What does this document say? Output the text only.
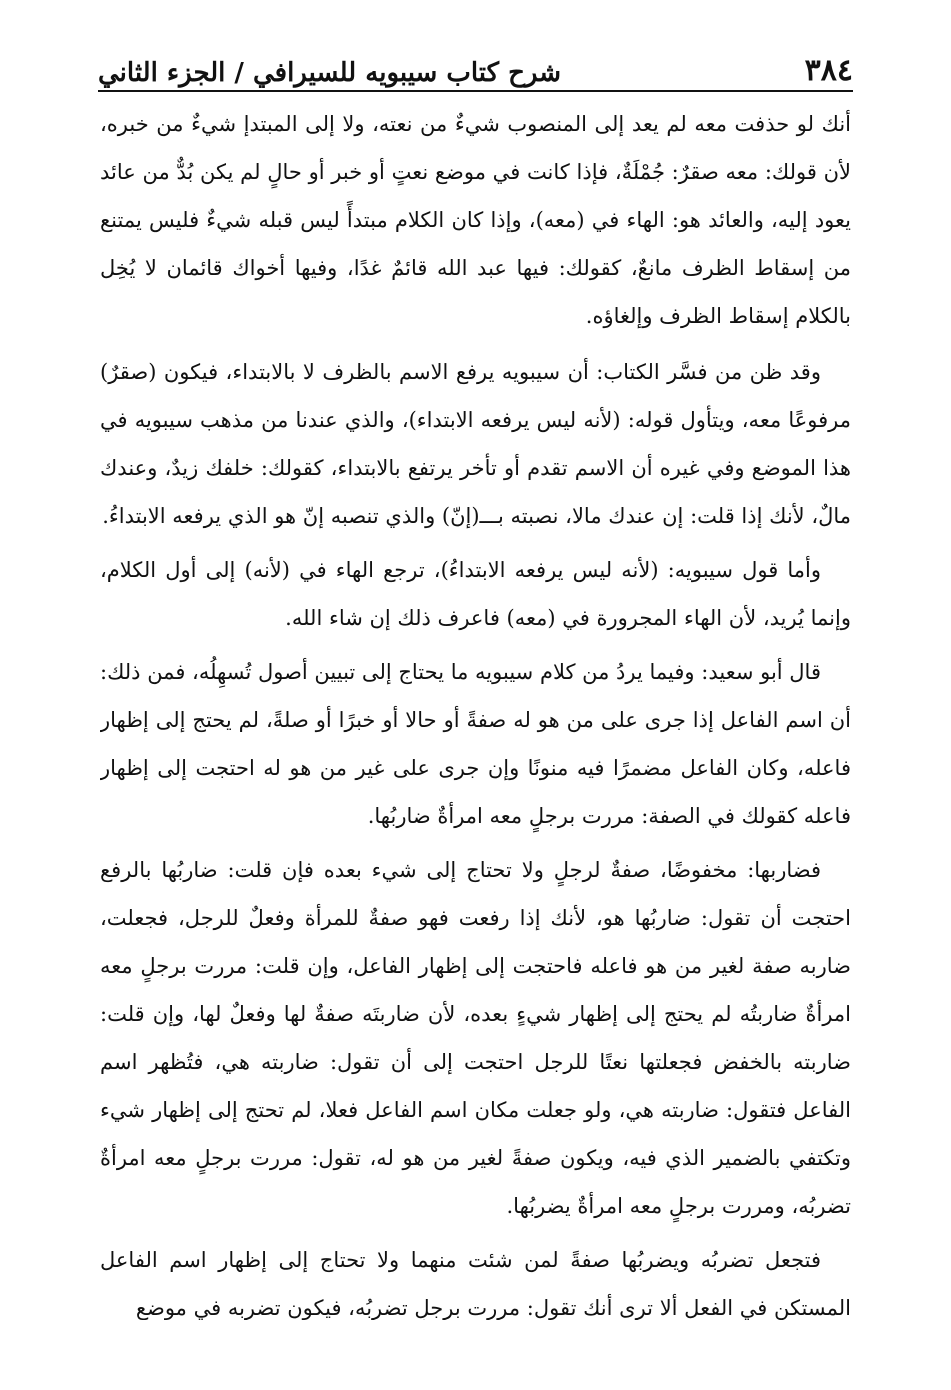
٣٨٤
شرح كتاب سيبويه للسيرافي / الجزء الثاني

أنك لو حذفت معه لم يعد إلى المنصوب شيءٌ من نعته، ولا إلى المبتدإ شيءٌ من خبره، لأن قولك: معه صقرٌ: جُمْلَةٌ، فإذا كانت في موضع نعتٍ أو خبر أو حالٍ لم يكن بُدٌّ من عائد يعود إليه، والعائد هو: الهاء في (معه)، وإذا كان الكلام مبتدأً ليس قبله شيءٌ فليس يمتنع من إسقاط الظرف مانعٌ، كقولك: فيها عبد الله قائمٌ غدًا، وفيها أخواك قائمان لا يُخِل بالكلام إسقاط الظرف وإلغاؤه.

وقد ظن من فسَّر الكتاب: أن سيبويه يرفع الاسم بالظرف لا بالابتداء، فيكون (صقرٌ) مرفوعًا معه، ويتأول قوله: (لأنه ليس يرفعه الابتداء)، والذي عندنا من مذهب سيبويه في هذا الموضع وفي غيره أن الاسم تقدم أو تأخر يرتفع بالابتداء، كقولك: خلفك زيدٌ، وعندك مالٌ، لأنك إذا قلت: إن عندك مالا، نصبته بـــ(إنّ) والذي تنصبه إنّ هو الذي يرفعه الابتداءُ.

وأما قول سيبويه: (لأنه ليس يرفعه الابتداءُ)، ترجع الهاء في (لأنه) إلى أول الكلام، وإنما يُريد، لأن الهاء المجرورة في (معه) فاعرف ذلك إن شاء الله.

قال أبو سعيد: وفيما يردُ من كلام سيبويه ما يحتاج إلى تبيين أصول تُسهِلُه، فمن ذلك: أن اسم الفاعل إذا جرى على من هو له صفةً أو حالا أو خبرًا أو صلةً، لم يحتج إلى إظهار فاعله، وكان الفاعل مضمرًا فيه منونًا وإن جرى على غير من هو له احتجت إلى إظهار فاعله كقولك في الصفة: مررت برجلٍ معه امرأةٌ ضاربُها.

فضاربها: مخفوضًا، صفةٌ لرجلٍ ولا تحتاج إلى شيء بعده فإن قلت: ضاربُها بالرفع احتجت أن تقول: ضاربُها هو، لأنك إذا رفعت فهو صفةٌ للمرأة وفعلٌ للرجل، فجعلت، ضاربه صفة لغير من هو فاعله فاحتجت إلى إظهار الفاعل، وإن قلت: مررت برجلٍ معه امرأةٌ ضاربتُه لم يحتج إلى إظهار شيءٍ بعده، لأن ضاربتَه صفةٌ لها وفعلٌ لها، وإن قلت: ضاربته بالخفض فجعلتها نعتًا للرجل احتجت إلى أن تقول: ضاربته هي، فتُظهر اسم الفاعل فتقول: ضاربته هي، ولو جعلت مكان اسم الفاعل فعلا، لم تحتج إلى إظهار شيء وتكتفي بالضمير الذي فيه، ويكون صفةً لغير من هو له، تقول: مررت برجلٍ معه امرأةٌ تضربُه، ومررت برجلٍ معه امرأةٌ يضربُها.

فتجعل تضربُه ويضربُها صفةً لمن شئت منهما ولا تحتاج إلى إظهار اسم الفاعل المستكن في الفعل ألا ترى أنك تقول: مررت برجلٍ تضربُه، فيكون تضربه في موضع
